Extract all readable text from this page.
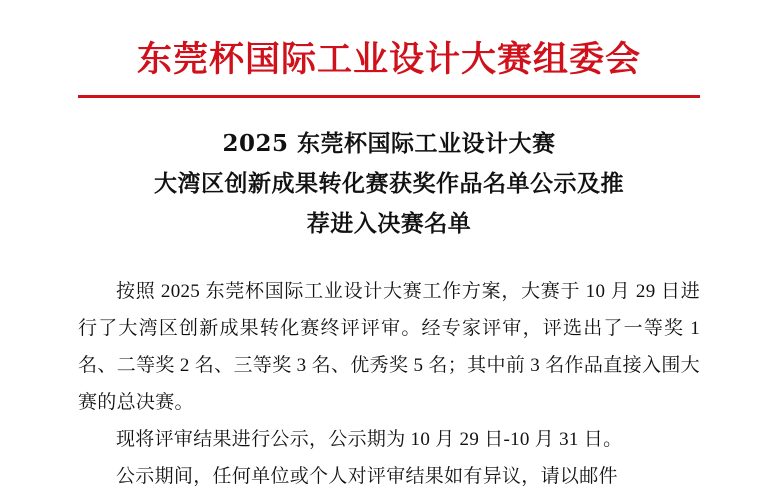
东莞杯国际工业设计大赛组委会
2025 东莞杯国际工业设计大赛
大湾区创新成果转化赛获奖作品名单公示及推
荐进入决赛名单

按照 2025 东莞杯国际工业设计大赛工作方案，大赛于 10 月 29 日进行了大湾区创新成果转化赛终评评审。经专家评审，评选出了一等奖 1 名、二等奖 2 名、三等奖 3 名、优秀奖 5 名；其中前 3 名作品直接入围大赛的总决赛。

现将评审结果进行公示，公示期为 10 月 29 日-10 月 31 日。

公示期间，任何单位或个人对评审结果如有异议，请以邮件
